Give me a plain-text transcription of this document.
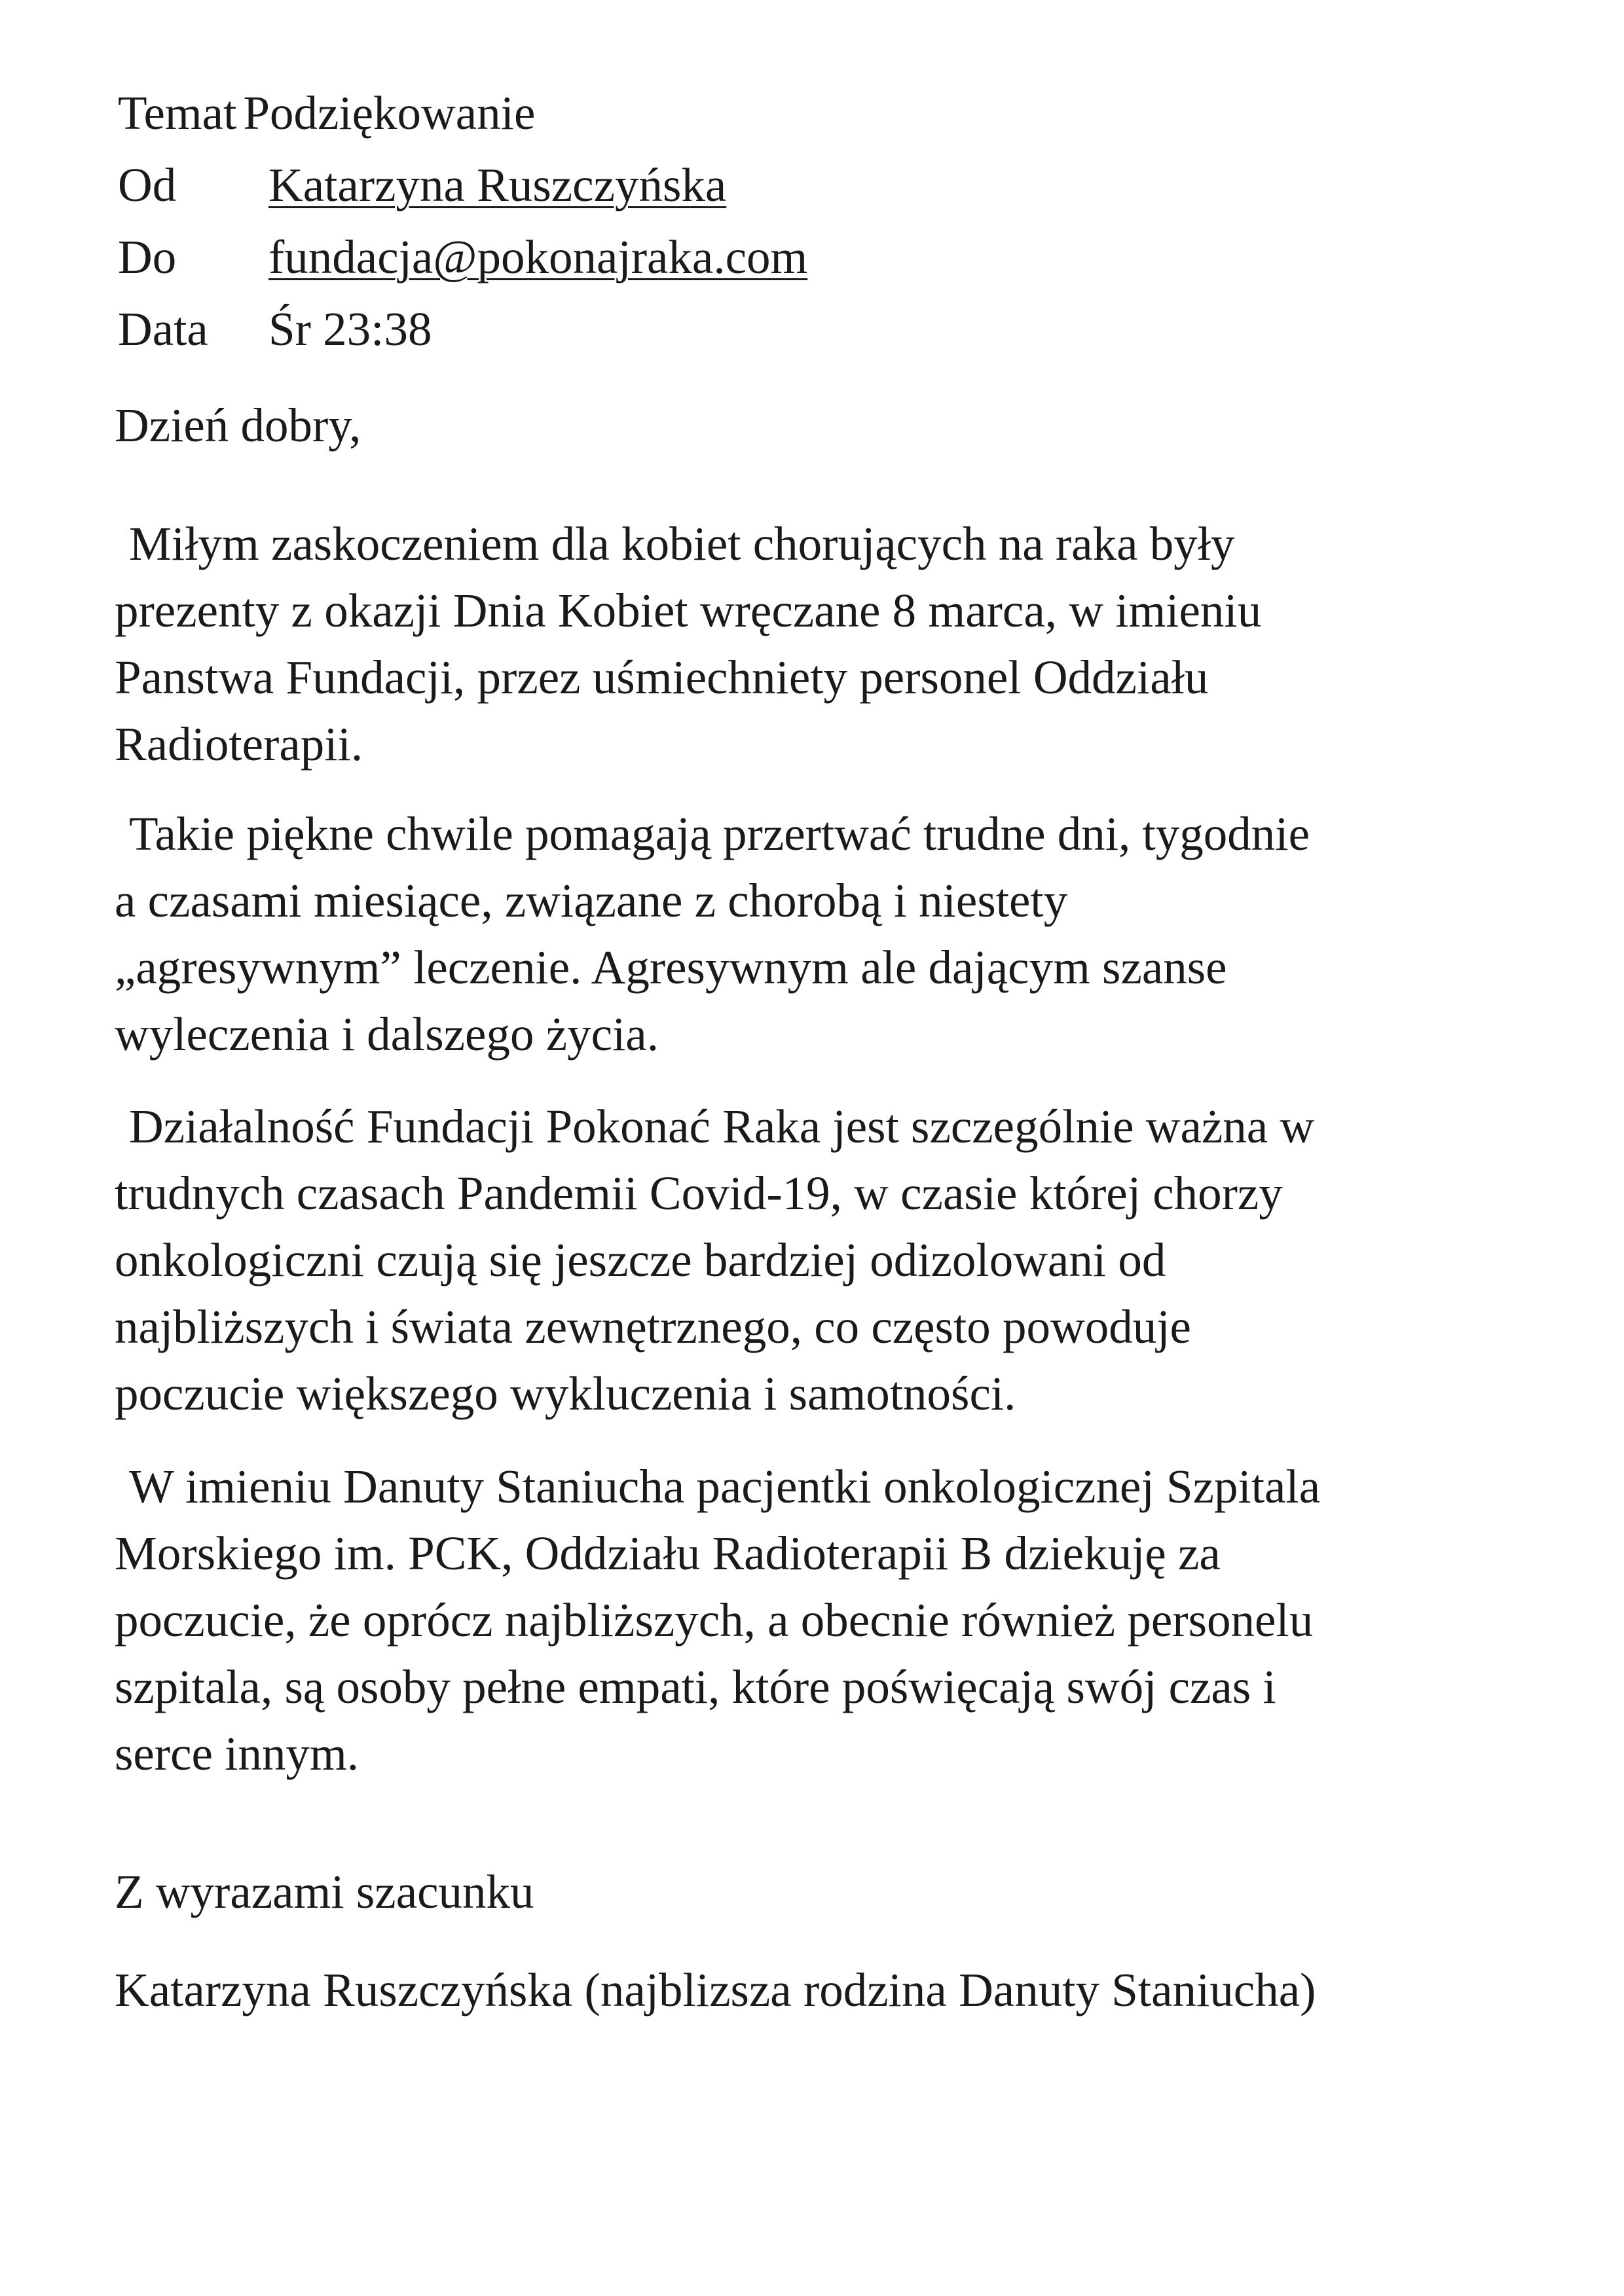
Temat Podziękowanie
Od	Katarzyna Ruszczyńska
Do	fundacja@pokonajraka.com
Data	Śr 23:38
Dzień dobry,
Miłym zaskoczeniem dla kobiet chorujących na raka były
prezenty z okazji Dnia Kobiet wręczane 8 marca, w imieniu
Panstwa Fundacji, przez uśmiechniety personel Oddziału
Radioterapii.
Takie piękne chwile pomagają przertwać trudne dni, tygodnie
a czasami miesiące, związane z chorobą i niestety
„agresywnym” leczenie. Agresywnym ale dającym szanse
wyleczenia i dalszego życia.
Działalność Fundacji Pokonać Raka jest szczególnie ważna w
trudnych czasach Pandemii Covid-19, w czasie której chorzy
onkologiczni czują się jeszcze bardziej odizolowani od
najbliższych i świata zewnętrznego, co często powoduje
poczucie większego wykluczenia i samotności.
W imieniu Danuty Staniucha pacjentki onkologicznej Szpitala
Morskiego im. PCK, Oddziału Radioterapii B dziekuję za
poczucie, że oprócz najbliższych, a obecnie również personelu
szpitala, są osoby pełne empati, które poświęcają swój czas i
serce innym.
Z wyrazami szacunku
Katarzyna Ruszczyńska (najblizsza rodzina Danuty Staniucha)
